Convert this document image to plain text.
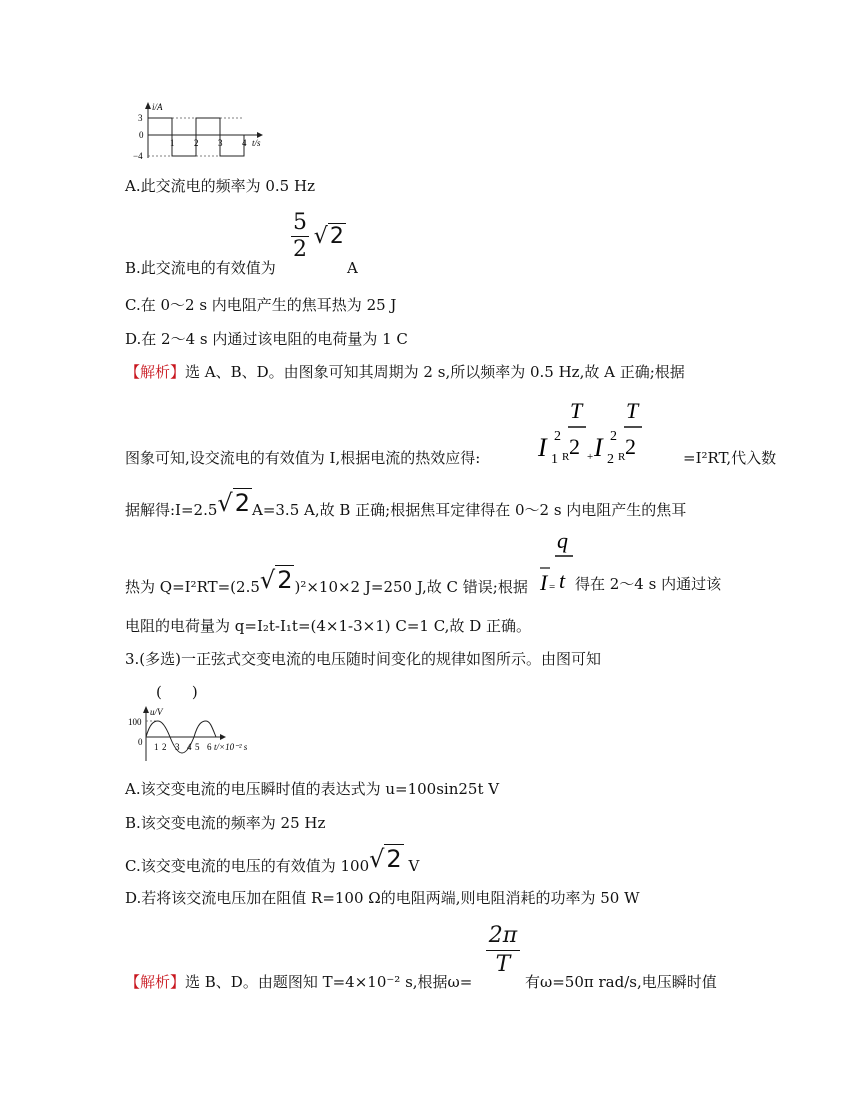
i/A
3
0
−4
1 2 3 4 t/s
A.此交流电的频率为 0.5 Hz
B.此交流电的有效值为
$\frac{5}{2} √2$
A
C.在 0～2 s 内电阻产生的焦耳热为 25 J
D.在 2～4 s 内通过该电阻的电荷量为 1 C
【解析】选 A、B、D。由图象可知其周期为 2 s,所以频率为 0.5 Hz,故 A 正确;根据
图象可知,设交流电的有效值为 I,根据电流的热效应得: I 2
1 R
T
2 + I 2
2 R
T
2	=I²RT,代入数
据解得:I=2.5√2 A=3.5 A,故 B 正确;根据焦耳定律得在 0～2 s 内电阻产生的焦耳
热为 Q=I²RT=(2.5√2 )²×10×2 J=250 J,故 C 错误;根据
q
t
I = 得在 2～4 s 内通过该
电阻的电荷量为 q=I₂t-I₁t=(4×1-3×1) C=1 C,故 D 正确。
3.(多选)一正弦式交变电流的电压随时间变化的规律如图所示。由图可知
(　　)
u/V
100
0 1 2 3 4 5 6 t/×10⁻² s
A.该交变电流的电压瞬时值的表达式为 u=100sin25t V
B.该交变电流的频率为 25 Hz
C.该交变电流的电压的有效值为 100√2 V
D.若将该交流电压加在阻值 R=100 Ω的电阻两端,则电阻消耗的功率为 50 W
【解析】选 B、D。由题图知 T=4×10⁻² s,根据ω=
$\frac{2\pi}{T}$
有ω=50π rad/s,电压瞬时值
